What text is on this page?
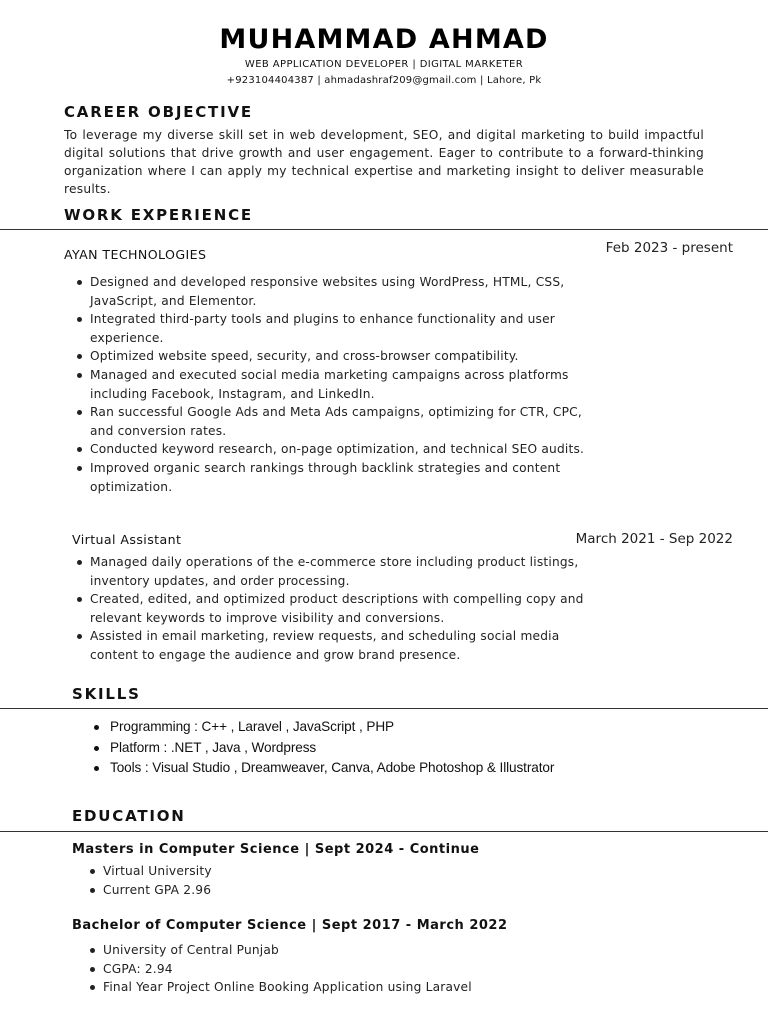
MUHAMMAD AHMAD
WEB APPLICATION DEVELOPER | DIGITAL MARKETER
+923104404387 | ahmadashraf209@gmail.com | Lahore, Pk
CAREER OBJECTIVE
To leverage my diverse skill set in web development, SEO, and digital marketing to build impactful digital solutions that drive growth and user engagement. Eager to contribute to a forward-thinking organization where I can apply my technical expertise and marketing insight to deliver measurable results.
WORK EXPERIENCE
AYAN TECHNOLOGIES	Feb 2023 - present
Designed and developed responsive websites using WordPress, HTML, CSS, JavaScript, and Elementor.
Integrated third-party tools and plugins to enhance functionality and user experience.
Optimized website speed, security, and cross-browser compatibility.
Managed and executed social media marketing campaigns across platforms including Facebook, Instagram, and LinkedIn.
Ran successful Google Ads and Meta Ads campaigns, optimizing for CTR, CPC, and conversion rates.
Conducted keyword research, on-page optimization, and technical SEO audits.
Improved organic search rankings through backlink strategies and content optimization.
Virtual Assistant	March 2021 - Sep 2022
Managed daily operations of the e-commerce store including product listings, inventory updates, and order processing.
Created, edited, and optimized product descriptions with compelling copy and relevant keywords to improve visibility and conversions.
Assisted in email marketing, review requests, and scheduling social media content to engage the audience and grow brand presence.
SKILLS
Programming : C++ , Laravel , JavaScript , PHP
Platform : .NET , Java , Wordpress
Tools : Visual Studio , Dreamweaver, Canva, Adobe Photoshop & Illustrator
EDUCATION
Masters in Computer Science | Sept 2024 - Continue
Virtual University
Current GPA 2.96
Bachelor of Computer Science | Sept 2017 - March 2022
University of Central Punjab
CGPA: 2.94
Final Year Project Online Booking Application using Laravel
